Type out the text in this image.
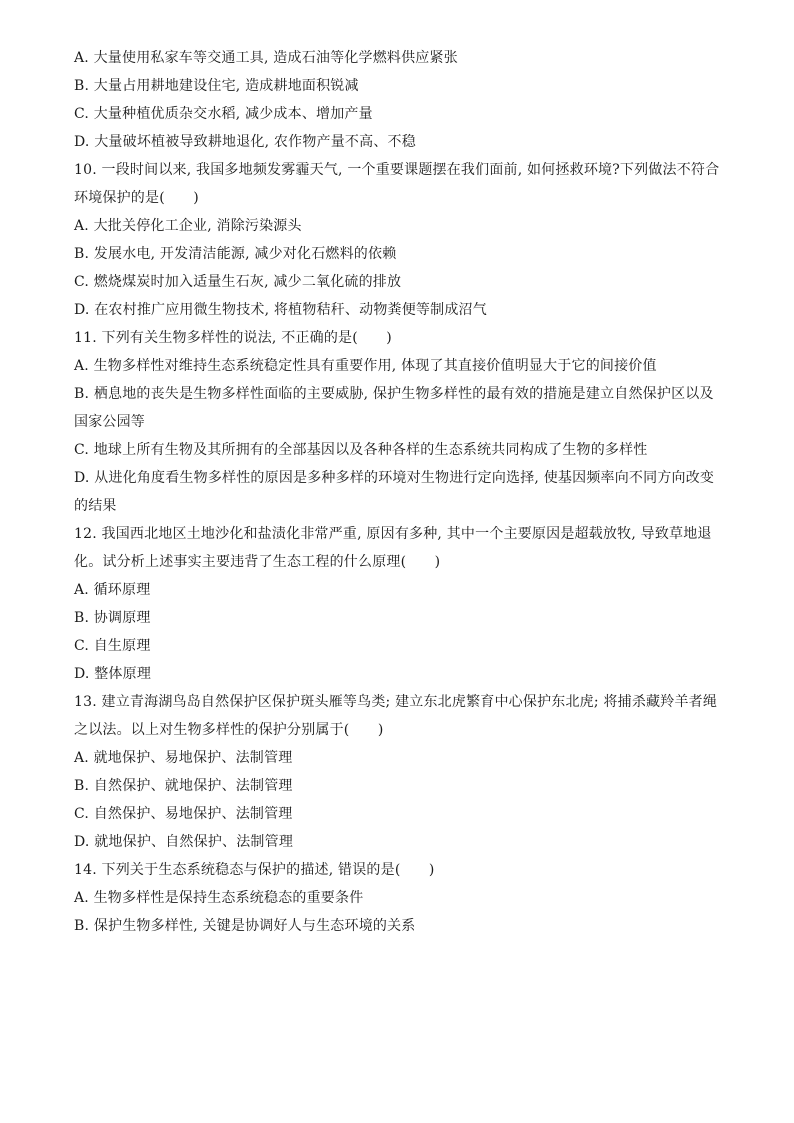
A. 大量使用私家车等交通工具, 造成石油等化学燃料供应紧张
B. 大量占用耕地建设住宅, 造成耕地面积锐减
C. 大量种植优质杂交水稻, 减少成本、增加产量
D. 大量破坏植被导致耕地退化, 农作物产量不高、不稳
10. 一段时间以来, 我国多地频发雾霾天气, 一个重要课题摆在我们面前, 如何拯救环境?下列做法不符合
环境保护的是(　　)
A. 大批关停化工企业, 消除污染源头
B. 发展水电, 开发清洁能源, 减少对化石燃料的依赖
C. 燃烧煤炭时加入适量生石灰, 减少二氧化硫的排放
D. 在农村推广应用微生物技术, 将植物秸秆、动物粪便等制成沼气
11. 下列有关生物多样性的说法, 不正确的是(　　)
A. 生物多样性对维持生态系统稳定性具有重要作用, 体现了其直接价值明显大于它的间接价值
B. 栖息地的丧失是生物多样性面临的主要威胁, 保护生物多样性的最有效的措施是建立自然保护区以及
国家公园等
C. 地球上所有生物及其所拥有的全部基因以及各种各样的生态系统共同构成了生物的多样性
D. 从进化角度看生物多样性的原因是多种多样的环境对生物进行定向选择, 使基因频率向不同方向改变
的结果
12. 我国西北地区土地沙化和盐渍化非常严重, 原因有多种, 其中一个主要原因是超载放牧, 导致草地退
化。试分析上述事实主要违背了生态工程的什么原理(　　)
A. 循环原理
B. 协调原理
C. 自生原理
D. 整体原理
13. 建立青海湖鸟岛自然保护区保护斑头雁等鸟类; 建立东北虎繁育中心保护东北虎; 将捕杀藏羚羊者绳
之以法。以上对生物多样性的保护分别属于(　　)
A. 就地保护、易地保护、法制管理
B. 自然保护、就地保护、法制管理
C. 自然保护、易地保护、法制管理
D. 就地保护、自然保护、法制管理
14. 下列关于生态系统稳态与保护的描述, 错误的是(　　)
A. 生物多样性是保持生态系统稳态的重要条件
B. 保护生物多样性, 关键是协调好人与生态环境的关系
